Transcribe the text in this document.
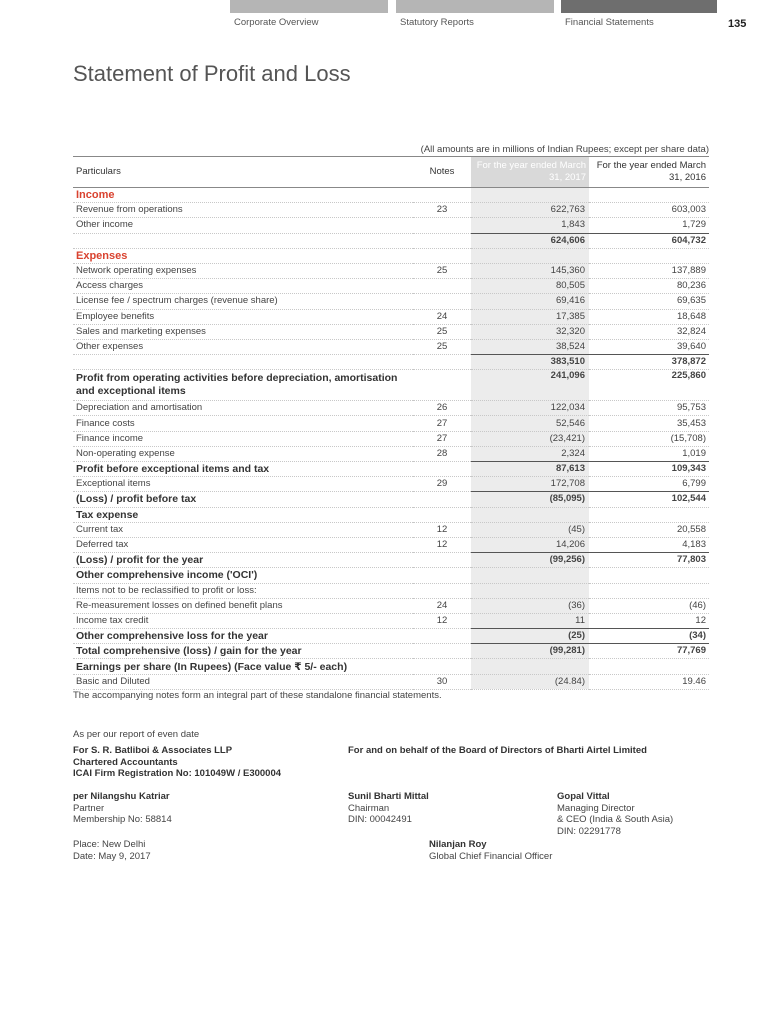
Corporate Overview	Statutory Reports	Financial Statements	135
Statement of Profit and Loss
(All amounts are in millions of Indian Rupees; except per share data)
Particulars	Notes	For the year ended March 31, 2017	For the year ended March 31, 2016
Income			
Revenue from operations	23	622,763	603,003
Other income		1,843	1,729
		624,606	604,732
Expenses			
Network operating expenses	25	145,360	137,889
Access charges		80,505	80,236
License fee / spectrum charges (revenue share)		69,416	69,635
Employee benefits	24	17,385	18,648
Sales and marketing expenses	25	32,320	32,824
Other expenses	25	38,524	39,640
		383,510	378,872
Profit from operating activities before depreciation, amortisation and exceptional items		241,096	225,860
Depreciation and amortisation	26	122,034	95,753
Finance costs	27	52,546	35,453
Finance income	27	(23,421)	(15,708)
Non-operating expense	28	2,324	1,019
Profit before exceptional items and tax		87,613	109,343
Exceptional items	29	172,708	6,799
(Loss) / profit before tax		(85,095)	102,544
Tax expense			
Current tax	12	(45)	20,558
Deferred tax	12	14,206	4,183
(Loss) / profit for the year		(99,256)	77,803
Other comprehensive income ('OCI')			
Items not to be reclassified to profit or loss:			
Re-measurement losses on defined benefit plans	24	(36)	(46)
Income tax credit	12	11	12
Other comprehensive loss for the year		(25)	(34)
Total comprehensive (loss) / gain for the year		(99,281)	77,769
Earnings per share (In Rupees) (Face value ₹ 5/- each)			
Basic and Diluted	30	(24.84)	19.46
The accompanying notes form an integral part of these standalone financial statements.
As per our report of even date
For S. R. Batliboi & Associates LLP
Chartered Accountants
ICAI Firm Registration No: 101049W / E300004
For and on behalf of the Board of Directors of Bharti Airtel Limited
per Nilangshu Katriar
Partner
Membership No: 58814
Sunil Bharti Mittal
Chairman
DIN: 00042491
Gopal Vittal
Managing Director
& CEO (India & South Asia)
DIN: 02291778
Place: New Delhi
Date: May 9, 2017
Nilanjan Roy
Global Chief Financial Officer
